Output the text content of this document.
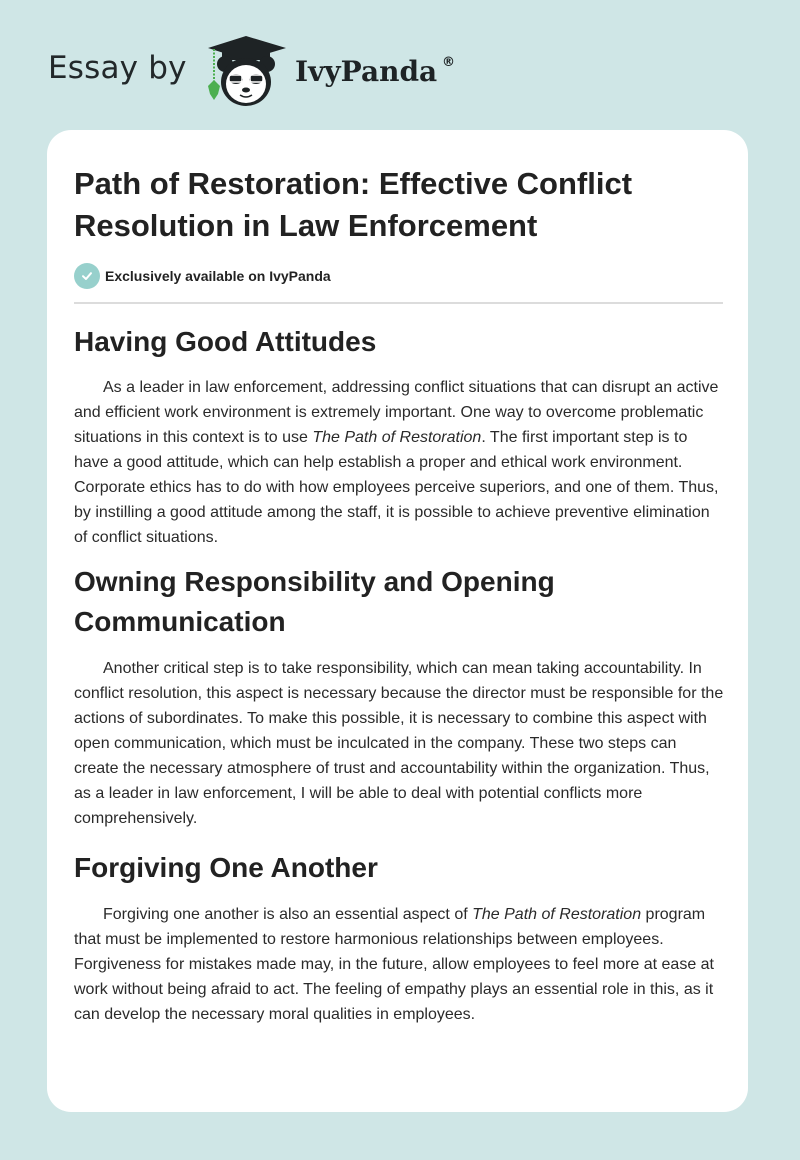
Essay by	IvyPanda ®
Path of Restoration: Effective Conflict Resolution in Law Enforcement
Exclusively available on IvyPanda
Having Good Attitudes

As a leader in law enforcement, addressing conflict situations that can disrupt an active and efficient work environment is extremely important. One way to overcome problematic situations in this context is to use The Path of Restoration. The first important step is to have a good attitude, which can help establish a proper and ethical work environment. Corporate ethics has to do with how employees perceive superiors, and one of them. Thus, by instilling a good attitude among the staff, it is possible to achieve preventive elimination of conflict situations.

Owning Responsibility and Opening Communication

Another critical step is to take responsibility, which can mean taking accountability. In conflict resolution, this aspect is necessary because the director must be responsible for the actions of subordinates. To make this possible, it is necessary to combine this aspect with open communication, which must be inculcated in the company. These two steps can create the necessary atmosphere of trust and accountability within the organization. Thus, as a leader in law enforcement, I will be able to deal with potential conflicts more comprehensively.

Forgiving One Another

Forgiving one another is also an essential aspect of The Path of Restoration program that must be implemented to restore harmonious relationships between employees. Forgiveness for mistakes made may, in the future, allow employees to feel more at ease at work without being afraid to act. The feeling of empathy plays an essential role in this, as it can develop the necessary moral qualities in employees.
